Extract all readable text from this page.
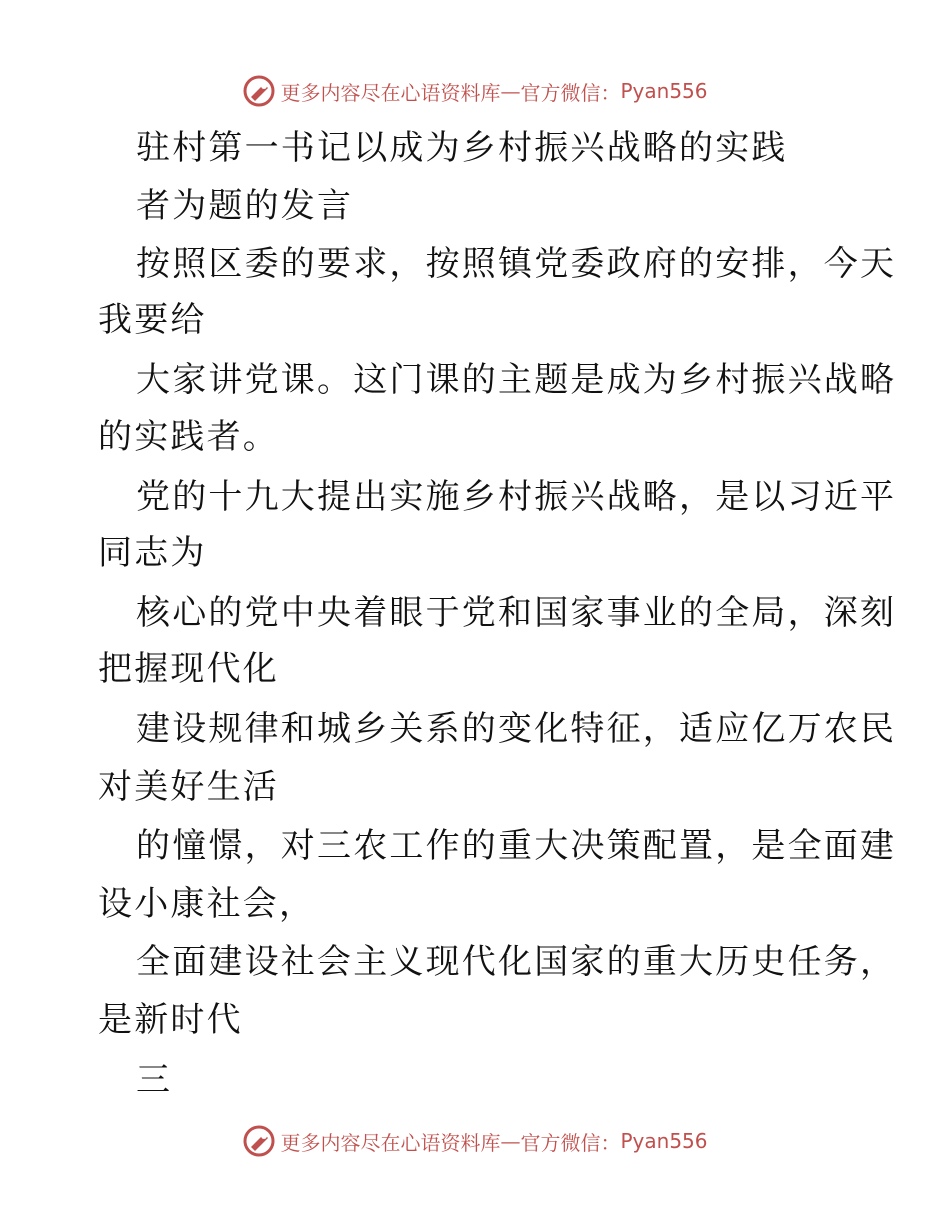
更多内容尽在心语资料库 — 官方微信： Pyan556
驻村第一书记以成为乡村振兴战略的实践
者为题的发言
按照区委的要求，按照镇党委政府的安排，今天
我要给
大家讲党课。这门课的主题是成为乡村振兴战略
的实践者。
党的十九大提出实施乡村振兴战略，是以习近平
同志为
核心的党中央着眼于党和国家事业的全局，深刻
把握现代化
建设规律和城乡关系的变化特征，适应亿万农民
对美好生活
的憧憬，对三农工作的重大决策配置，是全面建
设小康社会，
全面建设社会主义现代化国家的重大历史任务，
是新时代
三
更多内容尽在心语资料库 — 官方微信： Pyan556
